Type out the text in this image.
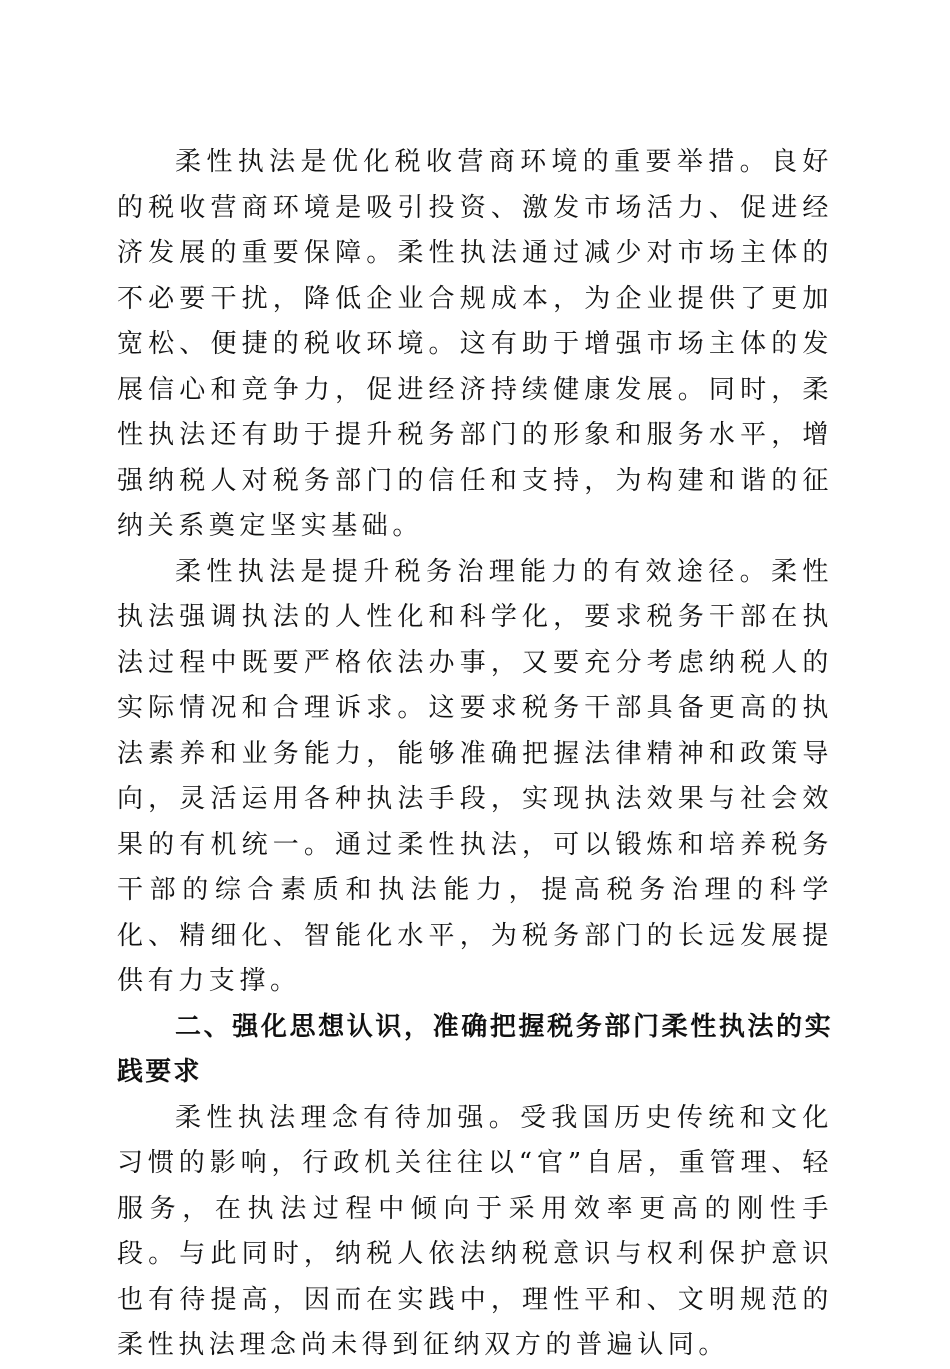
柔性执法是优化税收营商环境的重要举措。良好的税收营商环境是吸引投资、激发市场活力、促进经济发展的重要保障。柔性执法通过减少对市场主体的不必要干扰，降低企业合规成本，为企业提供了更加宽松、便捷的税收环境。这有助于增强市场主体的发展信心和竞争力，促进经济持续健康发展。同时，柔性执法还有助于提升税务部门的形象和服务水平，增强纳税人对税务部门的信任和支持，为构建和谐的征纳关系奠定坚实基础。

柔性执法是提升税务治理能力的有效途径。柔性执法强调执法的人性化和科学化，要求税务干部在执法过程中既要严格依法办事，又要充分考虑纳税人的实际情况和合理诉求。这要求税务干部具备更高的执法素养和业务能力，能够准确把握法律精神和政策导向，灵活运用各种执法手段，实现执法效果与社会效果的有机统一。通过柔性执法，可以锻炼和培养税务干部的综合素质和执法能力，提高税务治理的科学化、精细化、智能化水平，为税务部门的长远发展提供有力支撑。

二、强化思想认识，准确把握税务部门柔性执法的实践要求

柔性执法理念有待加强。受我国历史传统和文化习惯的影响，行政机关往往以“官”自居，重管理、轻服务，在执法过程中倾向于采用效率更高的刚性手段。与此同时，纳税人依法纳税意识与权利保护意识也有待提高，因而在实践中，理性平和、文明规范的柔性执法理念尚未得到征纳双方的普遍认同。
